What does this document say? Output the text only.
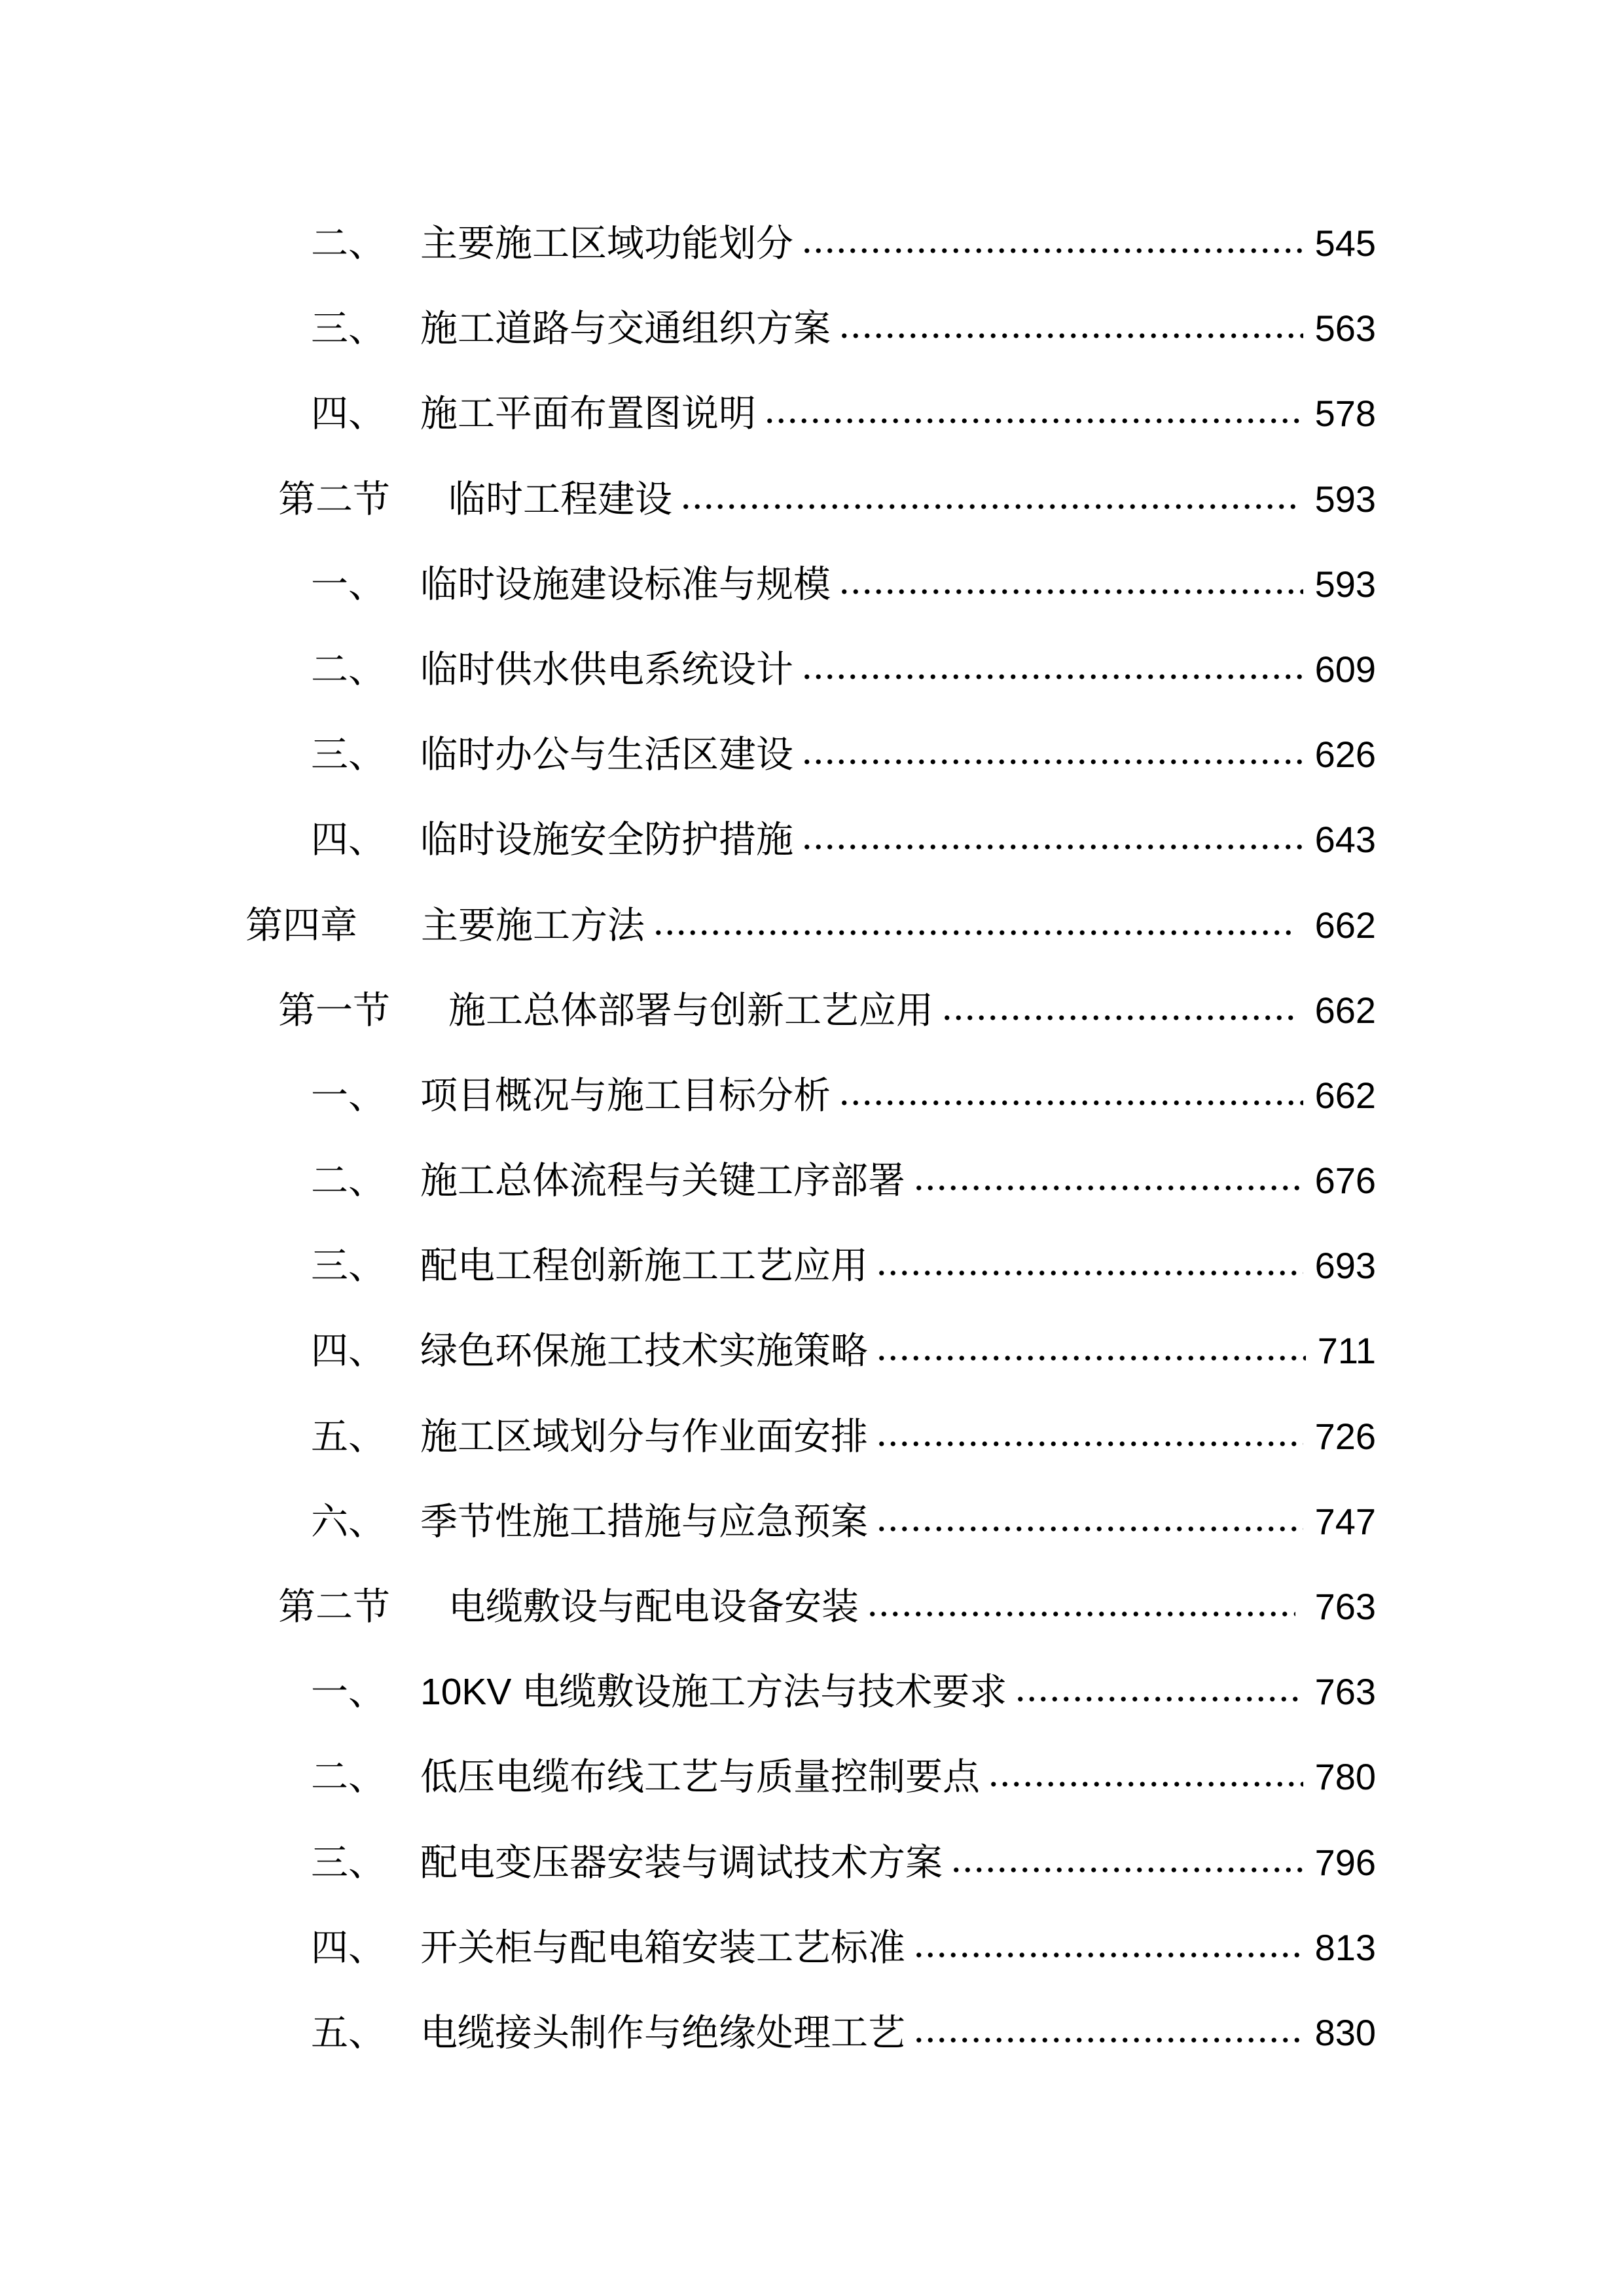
二、 主要施工区域功能划分	545
三、 施工道路与交通组织方案	563
四、 施工平面布置图说明	578
第二节	临时工程建设	593
一、 临时设施建设标准与规模	593
二、 临时供水供电系统设计	609
三、 临时办公与生活区建设	626
四、 临时设施安全防护措施	643
第四章	主要施工方法	662
第一节	施工总体部署与创新工艺应用	662
一、 项目概况与施工目标分析	662
二、 施工总体流程与关键工序部署	676
三、 配电工程创新施工工艺应用	693
四、 绿色环保施工技术实施策略	711
五、 施工区域划分与作业面安排	726
六、 季节性施工措施与应急预案	747
第二节	电缆敷设与配电设备安装	763
一、 10KV 电缆敷设施工方法与技术要求	763
二、 低压电缆布线工艺与质量控制要点	780
三、 配电变压器安装与调试技术方案	796
四、 开关柜与配电箱安装工艺标准	813
五、 电缆接头制作与绝缘处理工艺	830
